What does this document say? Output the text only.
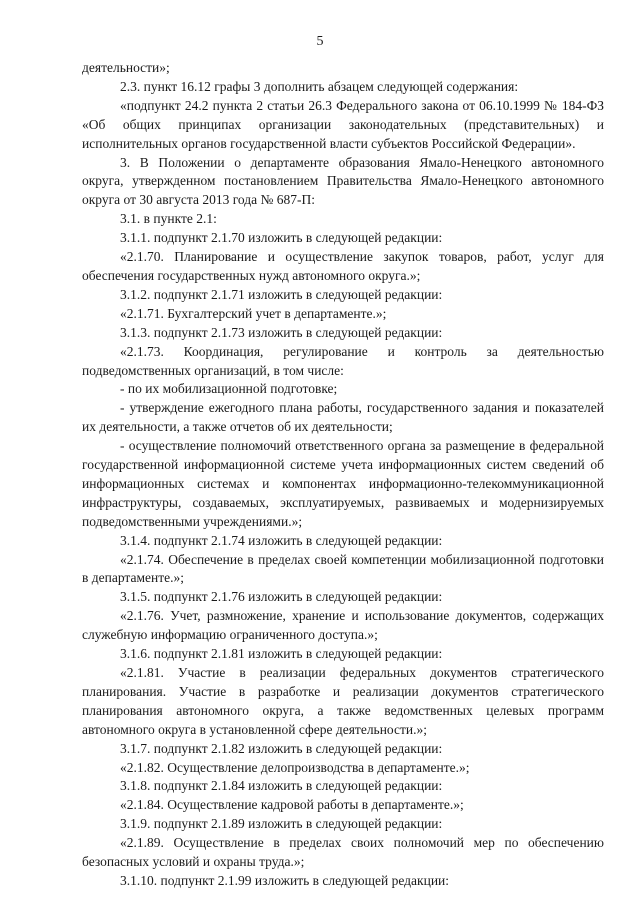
5

деятельности»;

2.3. пункт 16.12 графы 3 дополнить абзацем следующей содержания:

«подпункт 24.2 пункта 2 статьи 26.3 Федерального закона от 06.10.1999 № 184-ФЗ «Об общих принципах организации законодательных (представительных) и исполнительных органов государственной власти субъектов Российской Федерации».

3. В Положении о департаменте образования Ямало-Ненецкого автономного округа, утвержденном постановлением Правительства Ямало-Ненецкого автономного округа от 30 августа 2013 года № 687-П:

3.1. в пункте 2.1:

3.1.1. подпункт 2.1.70 изложить в следующей редакции:

«2.1.70. Планирование и осуществление закупок товаров, работ, услуг для обеспечения государственных нужд автономного округа.»;

3.1.2. подпункт 2.1.71 изложить в следующей редакции:

«2.1.71. Бухгалтерский учет в департаменте.»;

3.1.3. подпункт 2.1.73 изложить в следующей редакции:

«2.1.73. Координация, регулирование и контроль за деятельностью подведомственных организаций, в том числе:

- по их мобилизационной подготовке;

- утверждение ежегодного плана работы, государственного задания и показателей их деятельности, а также отчетов об их деятельности;

- осуществление полномочий ответственного органа за размещение в федеральной государственной информационной системе учета информационных систем сведений об информационных системах и компонентах информационно-телекоммуникационной инфраструктуры, создаваемых, эксплуатируемых, развиваемых и модернизируемых подведомственными учреждениями.»;

3.1.4. подпункт 2.1.74 изложить в следующей редакции:

«2.1.74. Обеспечение в пределах своей компетенции мобилизационной подготовки в департаменте.»;

3.1.5. подпункт 2.1.76 изложить в следующей редакции:

«2.1.76. Учет, размножение, хранение и использование документов, содержащих служебную информацию ограниченного доступа.»;

3.1.6. подпункт 2.1.81 изложить в следующей редакции:

«2.1.81. Участие в реализации федеральных документов стратегического планирования. Участие в разработке и реализации документов стратегического планирования автономного округа, а также ведомственных целевых программ автономного округа в установленной сфере деятельности.»;

3.1.7. подпункт 2.1.82 изложить в следующей редакции:

«2.1.82. Осуществление делопроизводства в департаменте.»;

3.1.8. подпункт 2.1.84 изложить в следующей редакции:

«2.1.84. Осуществление кадровой работы в департаменте.»;

3.1.9. подпункт 2.1.89 изложить в следующей редакции:

«2.1.89. Осуществление в пределах своих полномочий мер по обеспечению безопасных условий и охраны труда.»;

3.1.10. подпункт 2.1.99 изложить в следующей редакции:
